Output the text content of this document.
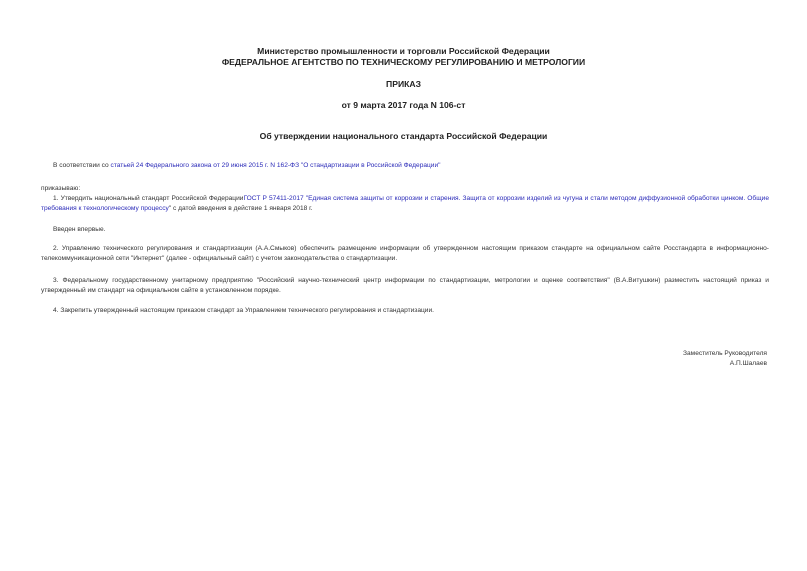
Министерство промышленности и торговли Российской Федерации
ФЕДЕРАЛЬНОЕ АГЕНТСТВО ПО ТЕХНИЧЕСКОМУ РЕГУЛИРОВАНИЮ И МЕТРОЛОГИИ
ПРИКАЗ
от 9 марта 2017 года N 106-ст
Об утверждении национального стандарта Российской Федерации
В соответствии со статьей 24 Федерального закона от 29 июня 2015 г. N 162-ФЗ "О стандартизации в Российской Федерации"
приказываю:
1. Утвердить национальный стандарт Российской ФедерацииГОСТ Р 57411-2017 "Единая система защиты от коррозии и старения. Защита от коррозии изделий из чугуна и стали методом диффузионной обработки цинком. Общие требования к технологическому процессу" с датой введения в действие 1 января 2018 г.
Введен впервые.
2. Управлению технического регулирования и стандартизации (А.А.Смыков) обеспечить размещение информации об утвержденном настоящим приказом стандарте на официальном сайте Росстандарта в информационно-телекоммуникационной сети "Интернет" (далее - официальный сайт) с учетом законодательства о стандартизации.
3. Федеральному государственному унитарному предприятию "Российский научно-технический центр информации по стандартизации, метрологии и оценке соответствия" (В.А.Витушкин) разместить настоящий приказ и утвержденный им стандарт на официальном сайте в установленном порядке.
4. Закрепить утвержденный настоящим приказом стандарт за Управлением технического регулирования и стандартизации.
Заместитель Руководителя
А.П.Шалаев
